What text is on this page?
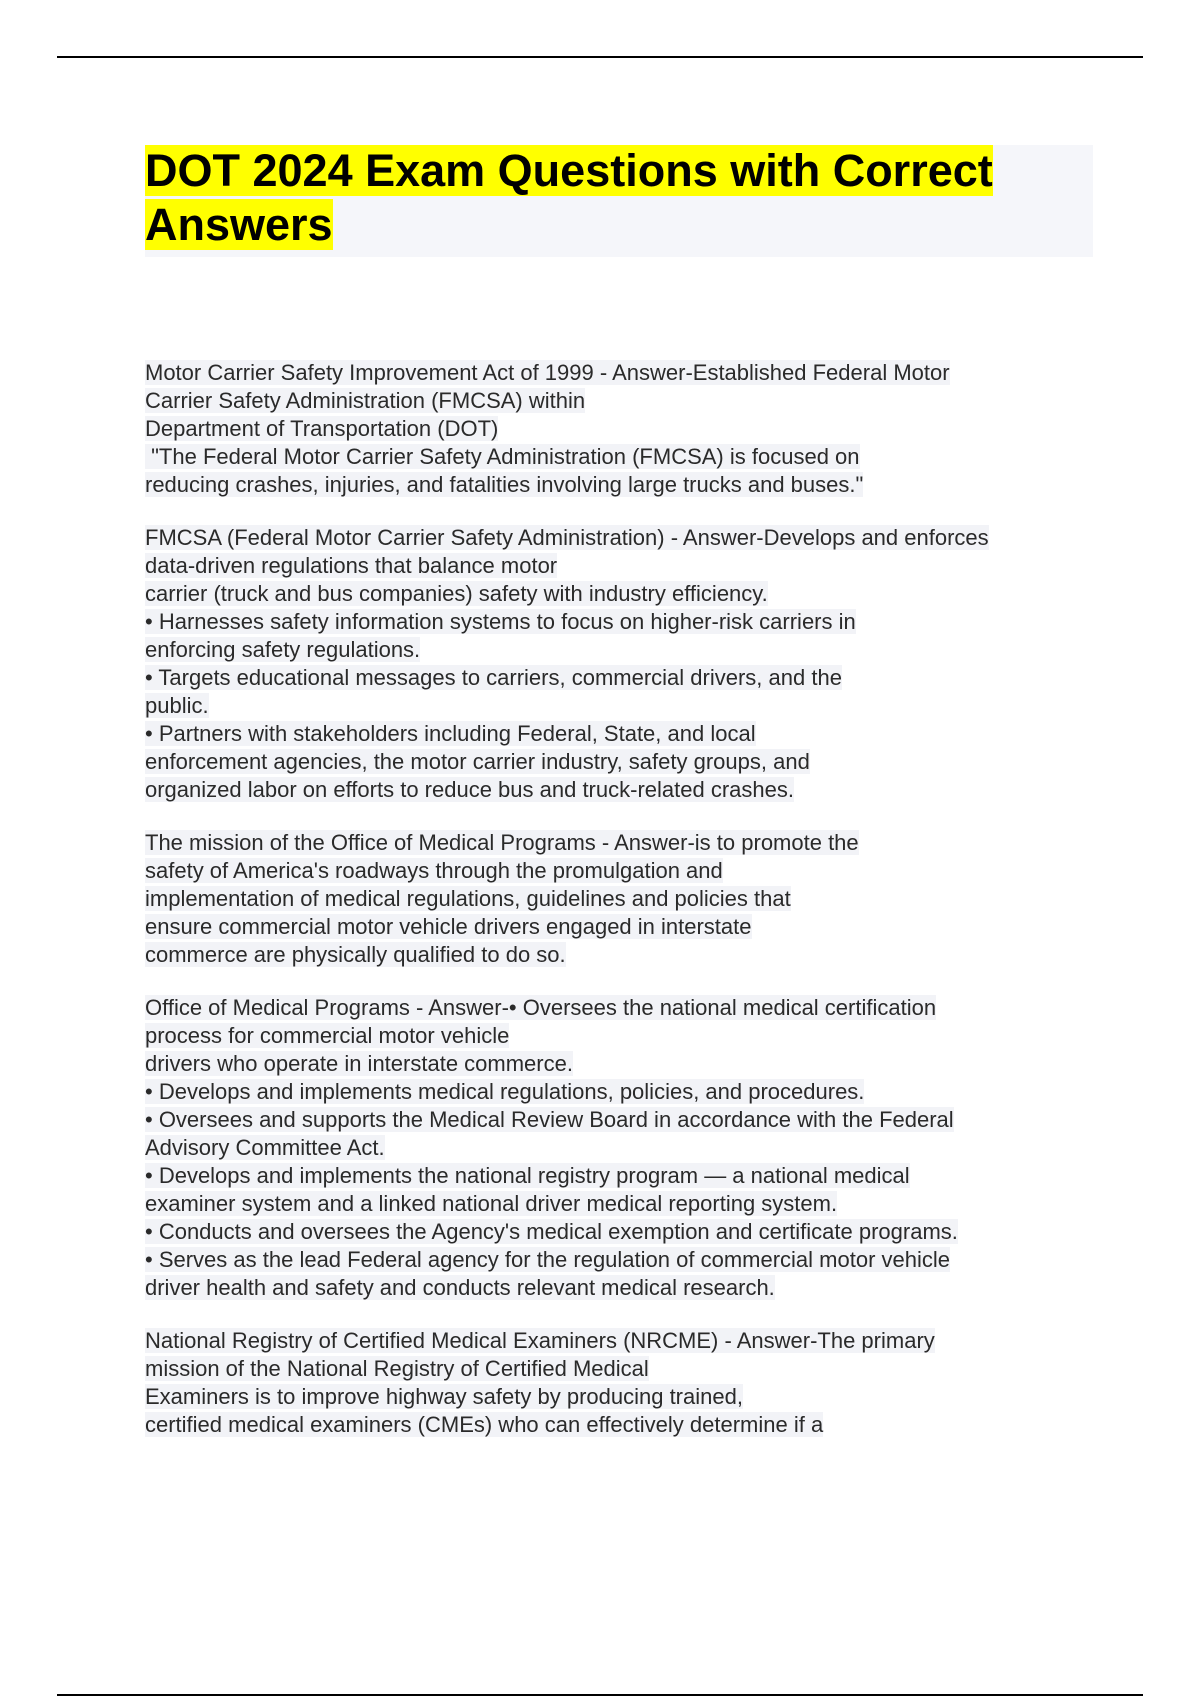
DOT 2024 Exam Questions with Correct Answers
Motor Carrier Safety Improvement Act of 1999 - Answer-Established Federal Motor
Carrier Safety Administration (FMCSA) within
Department of Transportation (DOT)
"The Federal Motor Carrier Safety Administration (FMCSA) is focused on
reducing crashes, injuries, and fatalities involving large trucks and buses."
FMCSA (Federal Motor Carrier Safety Administration) - Answer-Develops and enforces
data-driven regulations that balance motor
carrier (truck and bus companies) safety with industry efficiency.
• Harnesses safety information systems to focus on higher-risk carriers in
enforcing safety regulations.
• Targets educational messages to carriers, commercial drivers, and the
public.
• Partners with stakeholders including Federal, State, and local
enforcement agencies, the motor carrier industry, safety groups, and
organized labor on efforts to reduce bus and truck-related crashes.
The mission of the Office of Medical Programs - Answer-is to promote the
safety of America's roadways through the promulgation and
implementation of medical regulations, guidelines and policies that
ensure commercial motor vehicle drivers engaged in interstate
commerce are physically qualified to do so.
Office of Medical Programs - Answer-• Oversees the national medical certification
process for commercial motor vehicle
drivers who operate in interstate commerce.
• Develops and implements medical regulations, policies, and procedures.
• Oversees and supports the Medical Review Board in accordance with the Federal
Advisory Committee Act.
• Develops and implements the national registry program — a national medical
examiner system and a linked national driver medical reporting system.
• Conducts and oversees the Agency's medical exemption and certificate programs.
• Serves as the lead Federal agency for the regulation of commercial motor vehicle
driver health and safety and conducts relevant medical research.
National Registry of Certified Medical Examiners (NRCME) - Answer-The primary
mission of the National Registry of Certified Medical
Examiners is to improve highway safety by producing trained,
certified medical examiners (CMEs) who can effectively determine if a
